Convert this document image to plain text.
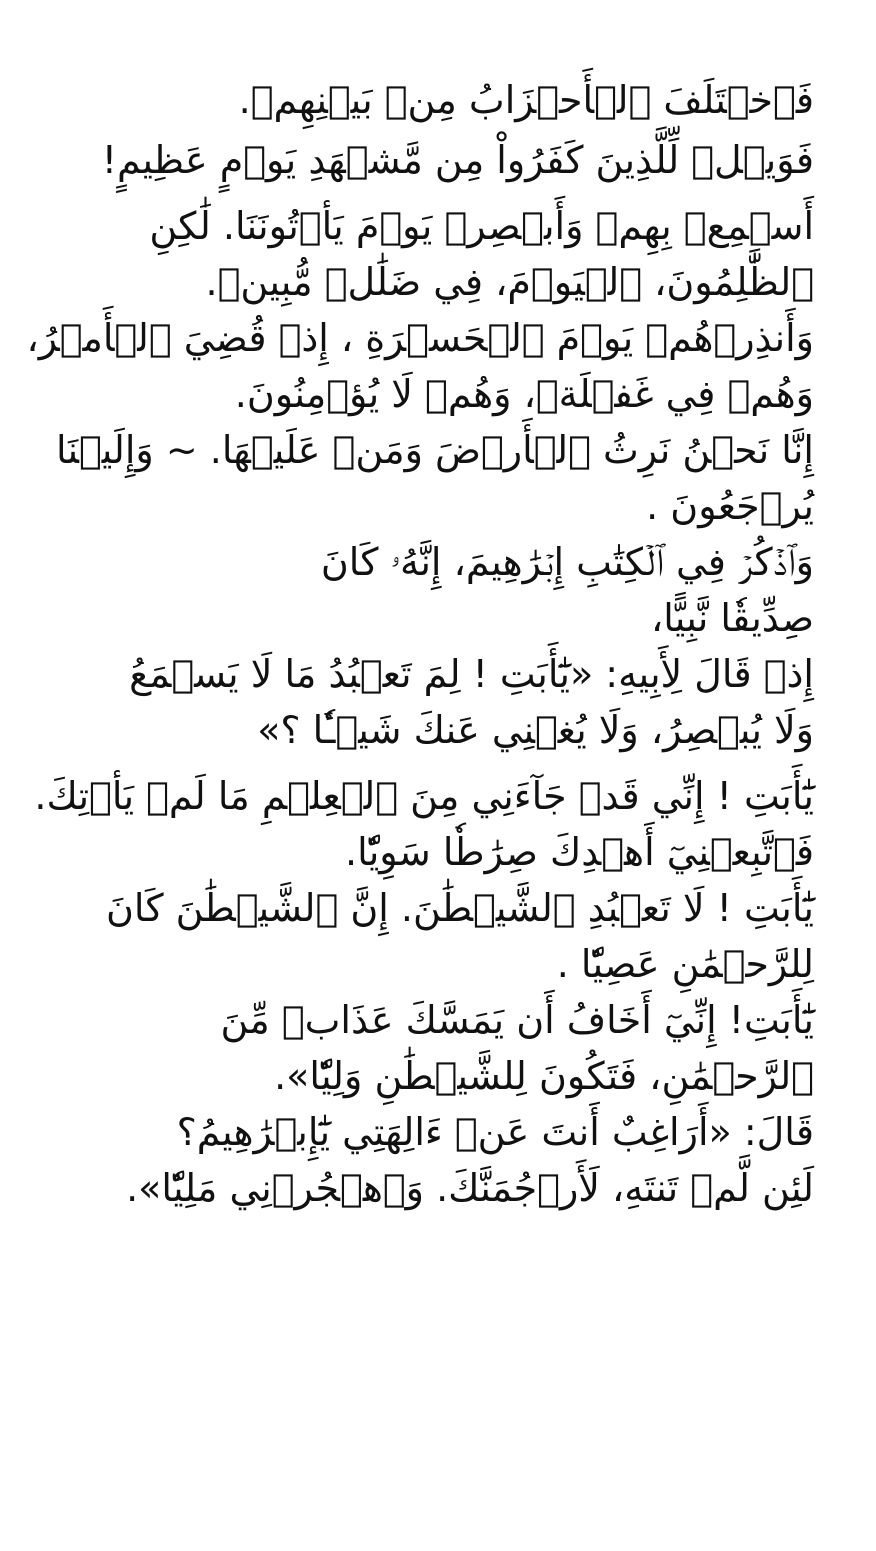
فَٱخۡتَلَفَ ٱلۡأَحۡزَابُ مِنۢ بَيۡنِهِمۡ.
فَوَيۡلٞ لِّلَّذِينَ كَفَرُواْ مِن مَّشۡهَدِ يَوۡمٍ عَظِيمٍ!
أَسۡمِعۡ بِهِمۡ وَأَبۡصِرۡ يَوۡمَ يَأۡتُونَنَا. لَٰكِنِ
ٱلظَّٰلِمُونَ، ٱلۡيَوۡمَ، فِي ضَلَٰلٖ مُّبِينٖ.
وَأَنذِرۡهُمۡ يَوۡمَ ٱلۡحَسۡرَةِ ، إِذۡ قُضِيَ ٱلۡأَمۡرُ،
وَهُمۡ فِي غَفۡلَةٖ، وَهُمۡ لَا يُؤۡمِنُونَ.
إِنَّا نَحۡنُ نَرِثُ ٱلۡأَرۡضَ وَمَنۡ عَلَيۡهَا. ~ وَإِلَيۡنَا
يُرۡجَعُونَ .
وَٱذۡكُرۡ فِي ٱلۡكِتَٰبِ إِبۡرَٰهِيمَ، إِنَّهُۥ كَانَ
صِدِّيقٗا نَّبِيًّا،
إِذۡ قَالَ لِأَبِيهِ: «يَٰٓأَبَتِ ! لِمَ تَعۡبُدُ مَا لَا يَسۡمَعُ
وَلَا يُبۡصِرُ، وَلَا يُغۡنِي عَنكَ شَيۡـٔٗا ؟»
يَٰٓأَبَتِ ! إِنِّي قَدۡ جَآءَنِي مِنَ ٱلۡعِلۡمِ مَا لَمۡ يَأۡتِكَ.
فَٱتَّبِعۡنِيٓ أَهۡدِكَ صِرَٰطٗا سَوِيّٗا.
يَٰٓأَبَتِ ! لَا تَعۡبُدِ ٱلشَّيۡطَٰنَ. إِنَّ ٱلشَّيۡطَٰنَ كَانَ
لِلرَّحۡمَٰنِ عَصِيّٗا .
يَٰٓأَبَتِ! إِنِّيٓ أَخَافُ أَن يَمَسَّكَ عَذَابٞ مِّنَ
ٱلرَّحۡمَٰنِ، فَتَكُونَ لِلشَّيۡطَٰنِ وَلِيّٗا».
قَالَ: «أَرَاغِبٌ أَنتَ عَنۡ ءَالِهَتِي يَٰٓإِبۡرَٰهِيمُ؟
لَئِن لَّمۡ تَنتَهِ، لَأَرۡجُمَنَّكَ. وَٱهۡجُرۡنِي مَلِيّٗا».
